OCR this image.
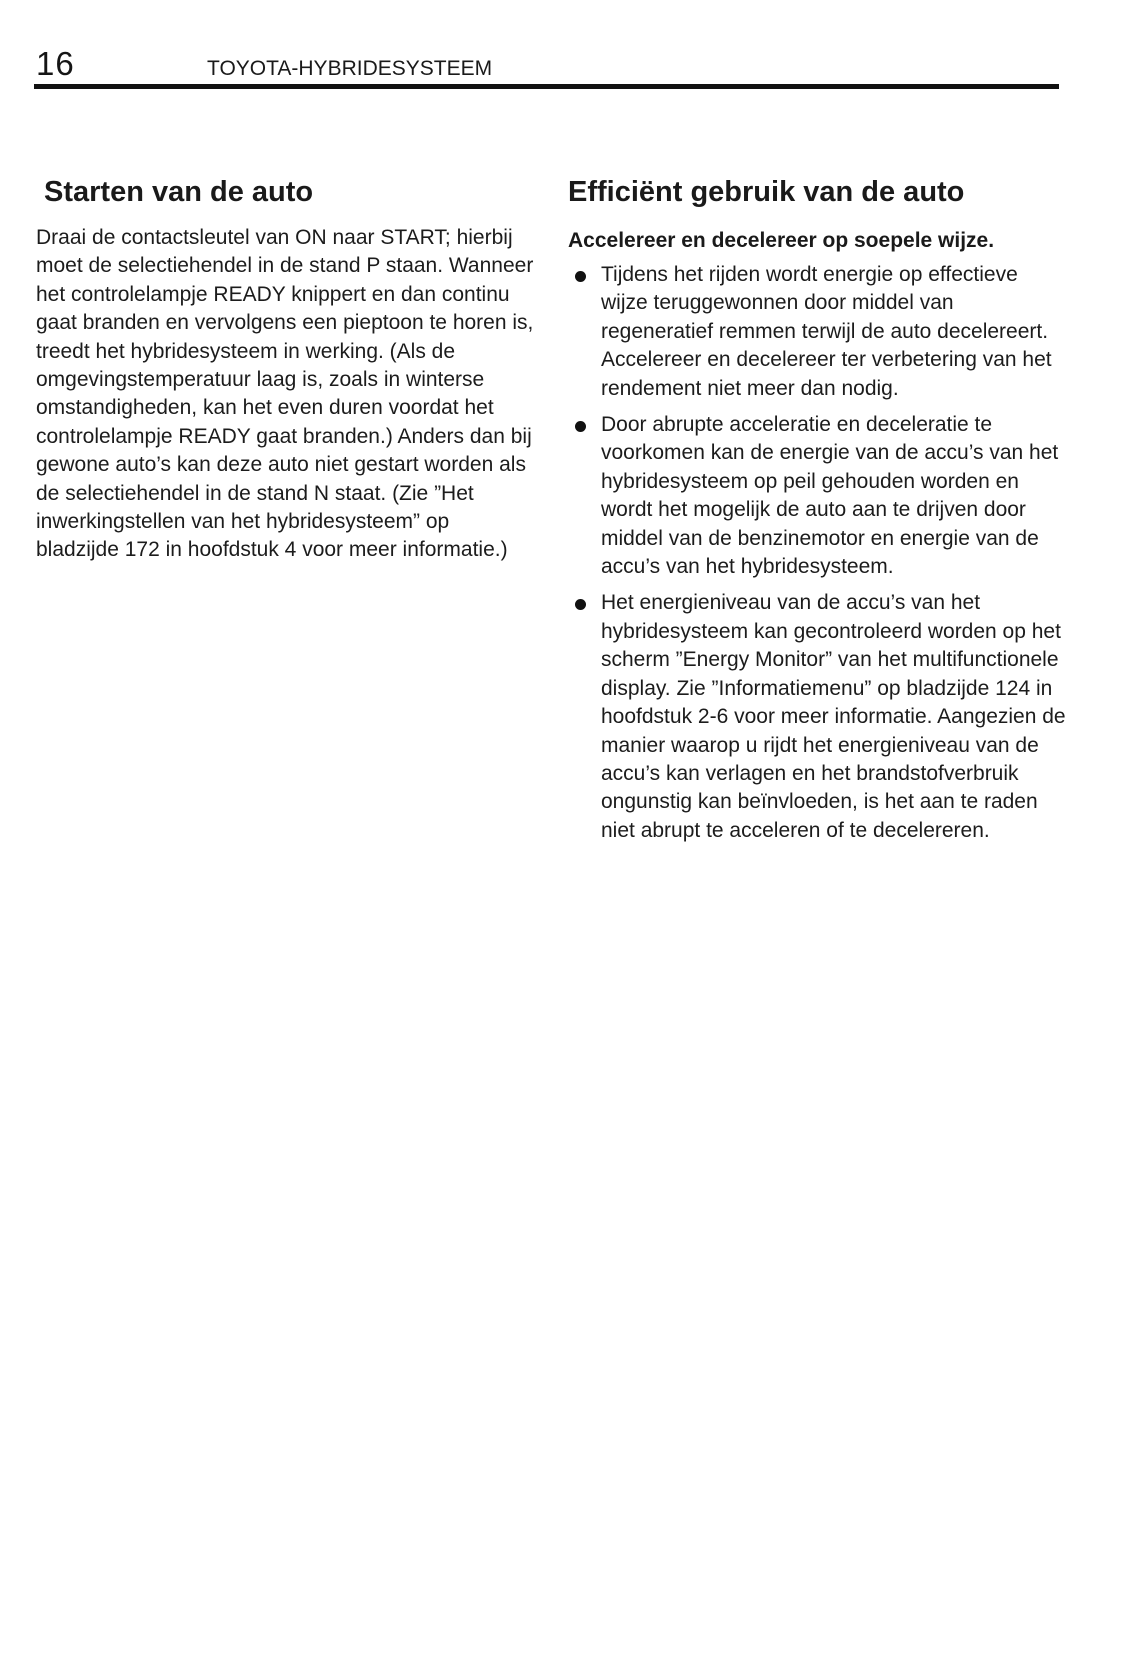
16	TOYOTA-HYBRIDESYSTEEM
Starten van de auto

Draai de contactsleutel van ON naar START; hierbij moet de selectiehendel in de stand P staan. Wanneer het controlelampje READY knippert en dan continu gaat branden en vervolgens een pieptoon te horen is, treedt het hybridesysteem in werking. (Als de omgevingstemperatuur laag is, zoals in winterse omstandigheden, kan het even duren voordat het controlelampje READY gaat branden.) Anders dan bij gewone auto’s kan deze auto niet gestart worden als de selectiehendel in de stand N staat. (Zie ”Het inwerkingstellen van het hybridesysteem” op bladzijde 172 in hoofdstuk 4 voor meer informatie.)

Efficiënt gebruik van de auto

Accelereer en decelereer op soepele wijze.

Tijdens het rijden wordt energie op effectieve wijze teruggewonnen door middel van regeneratief remmen terwijl de auto decelereert. Accelereer en decelereer ter verbetering van het rendement niet meer dan nodig.
Door abrupte acceleratie en deceleratie te voorkomen kan de energie van de accu’s van het hybridesysteem op peil gehouden worden en wordt het mogelijk de auto aan te drijven door middel van de benzinemotor en energie van de accu’s van het hybridesysteem.
Het energieniveau van de accu’s van het hybridesysteem kan gecontroleerd worden op het scherm ”Energy Monitor” van het multifunctionele display. Zie ”Informatiemenu” op bladzijde 124 in hoofdstuk 2-6 voor meer informatie. Aangezien de manier waarop u rijdt het energieniveau van de accu’s kan verlagen en het brandstofverbruik ongunstig kan beïnvloeden, is het aan te raden niet abrupt te acceleren of te decelereren.
